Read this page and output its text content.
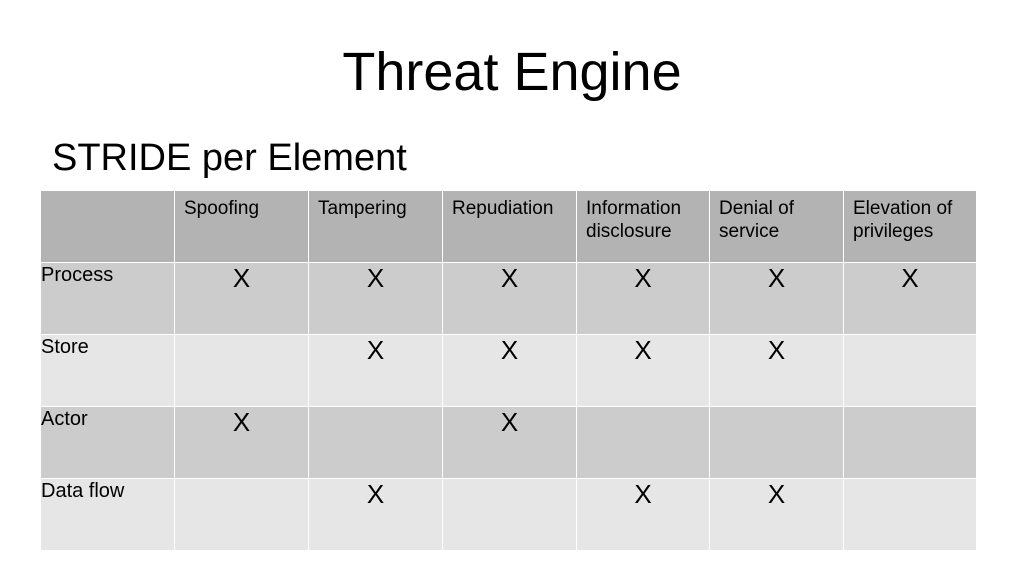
Threat Engine
STRIDE per Element
	Spoofing	Tampering	Repudiation	Information disclosure	Denial of service	Elevation of privileges
Process	X	X	X	X	X	X
Store		X	X	X	X	
Actor	X		X			
Data flow		X		X	X	
